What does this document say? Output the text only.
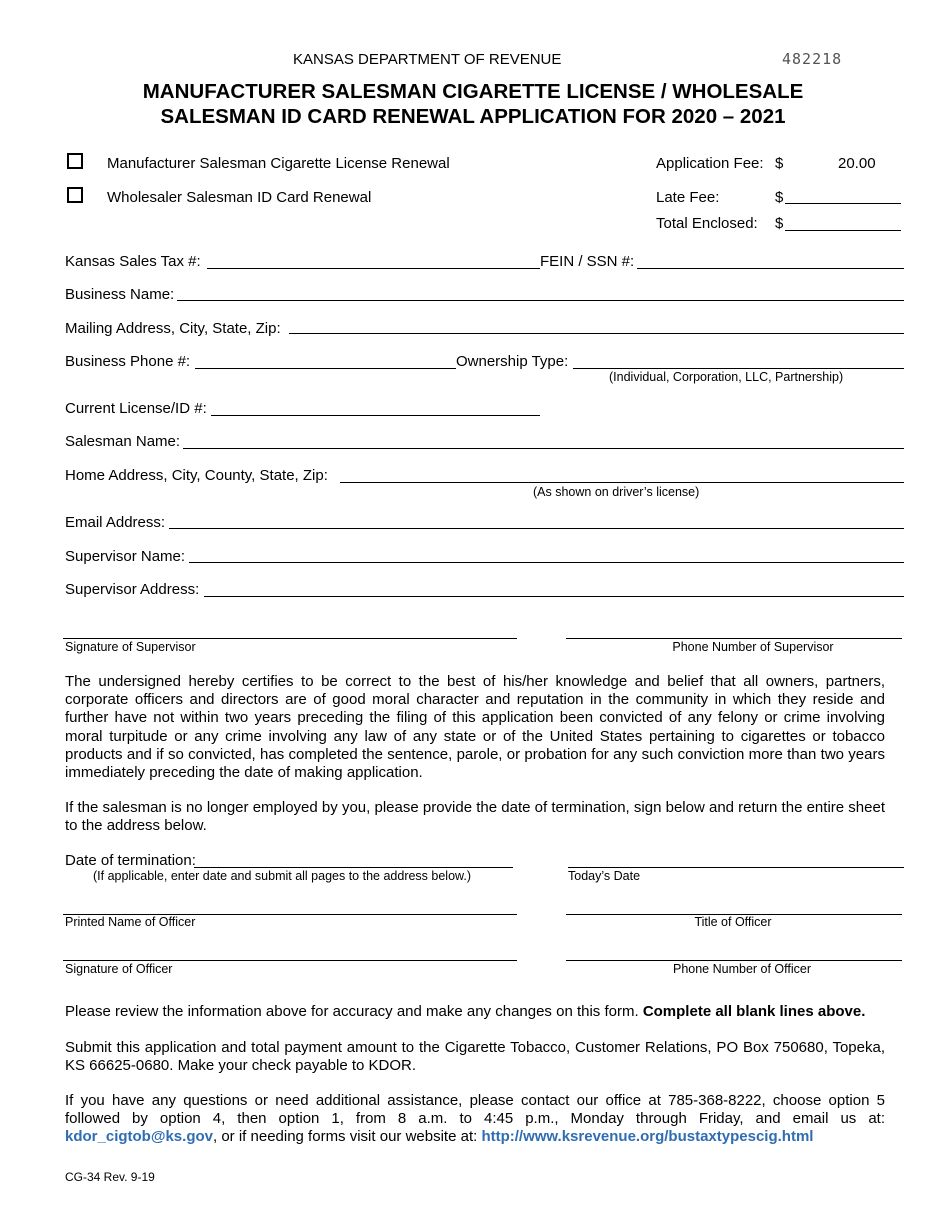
KANSAS DEPARTMENT OF REVENUE	482218
MANUFACTURER SALESMAN CIGARETTE LICENSE / WHOLESALE
SALESMAN ID CARD RENEWAL APPLICATION FOR 2020 – 2021
Manufacturer Salesman Cigarette License Renewal
Wholesaler Salesman ID Card Renewal
Application Fee: $	20.00
Late Fee:	$
Total Enclosed: $
Kansas Sales Tax #:	FEIN / SSN #:
Business Name:
Mailing Address, City, State, Zip:
Business Phone #:	Ownership Type:
(Individual, Corporation, LLC, Partnership)
Current License/ID #:
Salesman Name:
Home Address, City, County, State, Zip:
(As shown on driver’s license)
Email Address:
Supervisor Name:
Supervisor Address:
Signature of Supervisor	Phone Number of Supervisor
The undersigned hereby certifies to be correct to the best of his/her knowledge and belief that all owners, partners, corporate officers and directors are of good moral character and reputation in the community in which they reside and further have not within two years preceding the filing of this application been convicted of any felony or crime involving moral turpitude or any crime involving any law of any state or of the United States pertaining to cigarettes or tobacco products and if so convicted, has completed the sentence, parole, or probation for any such conviction more than two years immediately preceding the date of making application.
If the salesman is no longer employed by you, please provide the date of termination, sign below and return the entire sheet to the address below.
Date of termination:
(If applicable, enter date and submit all pages to the address below.)	Today’s Date
Printed Name of Officer	Title of Officer
Signature of Officer	Phone Number of Officer
Please review the information above for accuracy and make any changes on this form. Complete all blank lines above.
Submit this application and total payment amount to the Cigarette Tobacco, Customer Relations, PO Box 750680, Topeka, KS 66625-0680. Make your check payable to KDOR.
If you have any questions or need additional assistance, please contact our office at 785-368-8222, choose option 5 followed by option 4, then option 1, from 8 a.m. to 4:45 p.m., Monday through Friday, and email us at: kdor_cigtob@ks.gov, or if needing forms visit our website at: http://www.ksrevenue.org/bustaxtypescig.html
CG-34 Rev. 9-19
